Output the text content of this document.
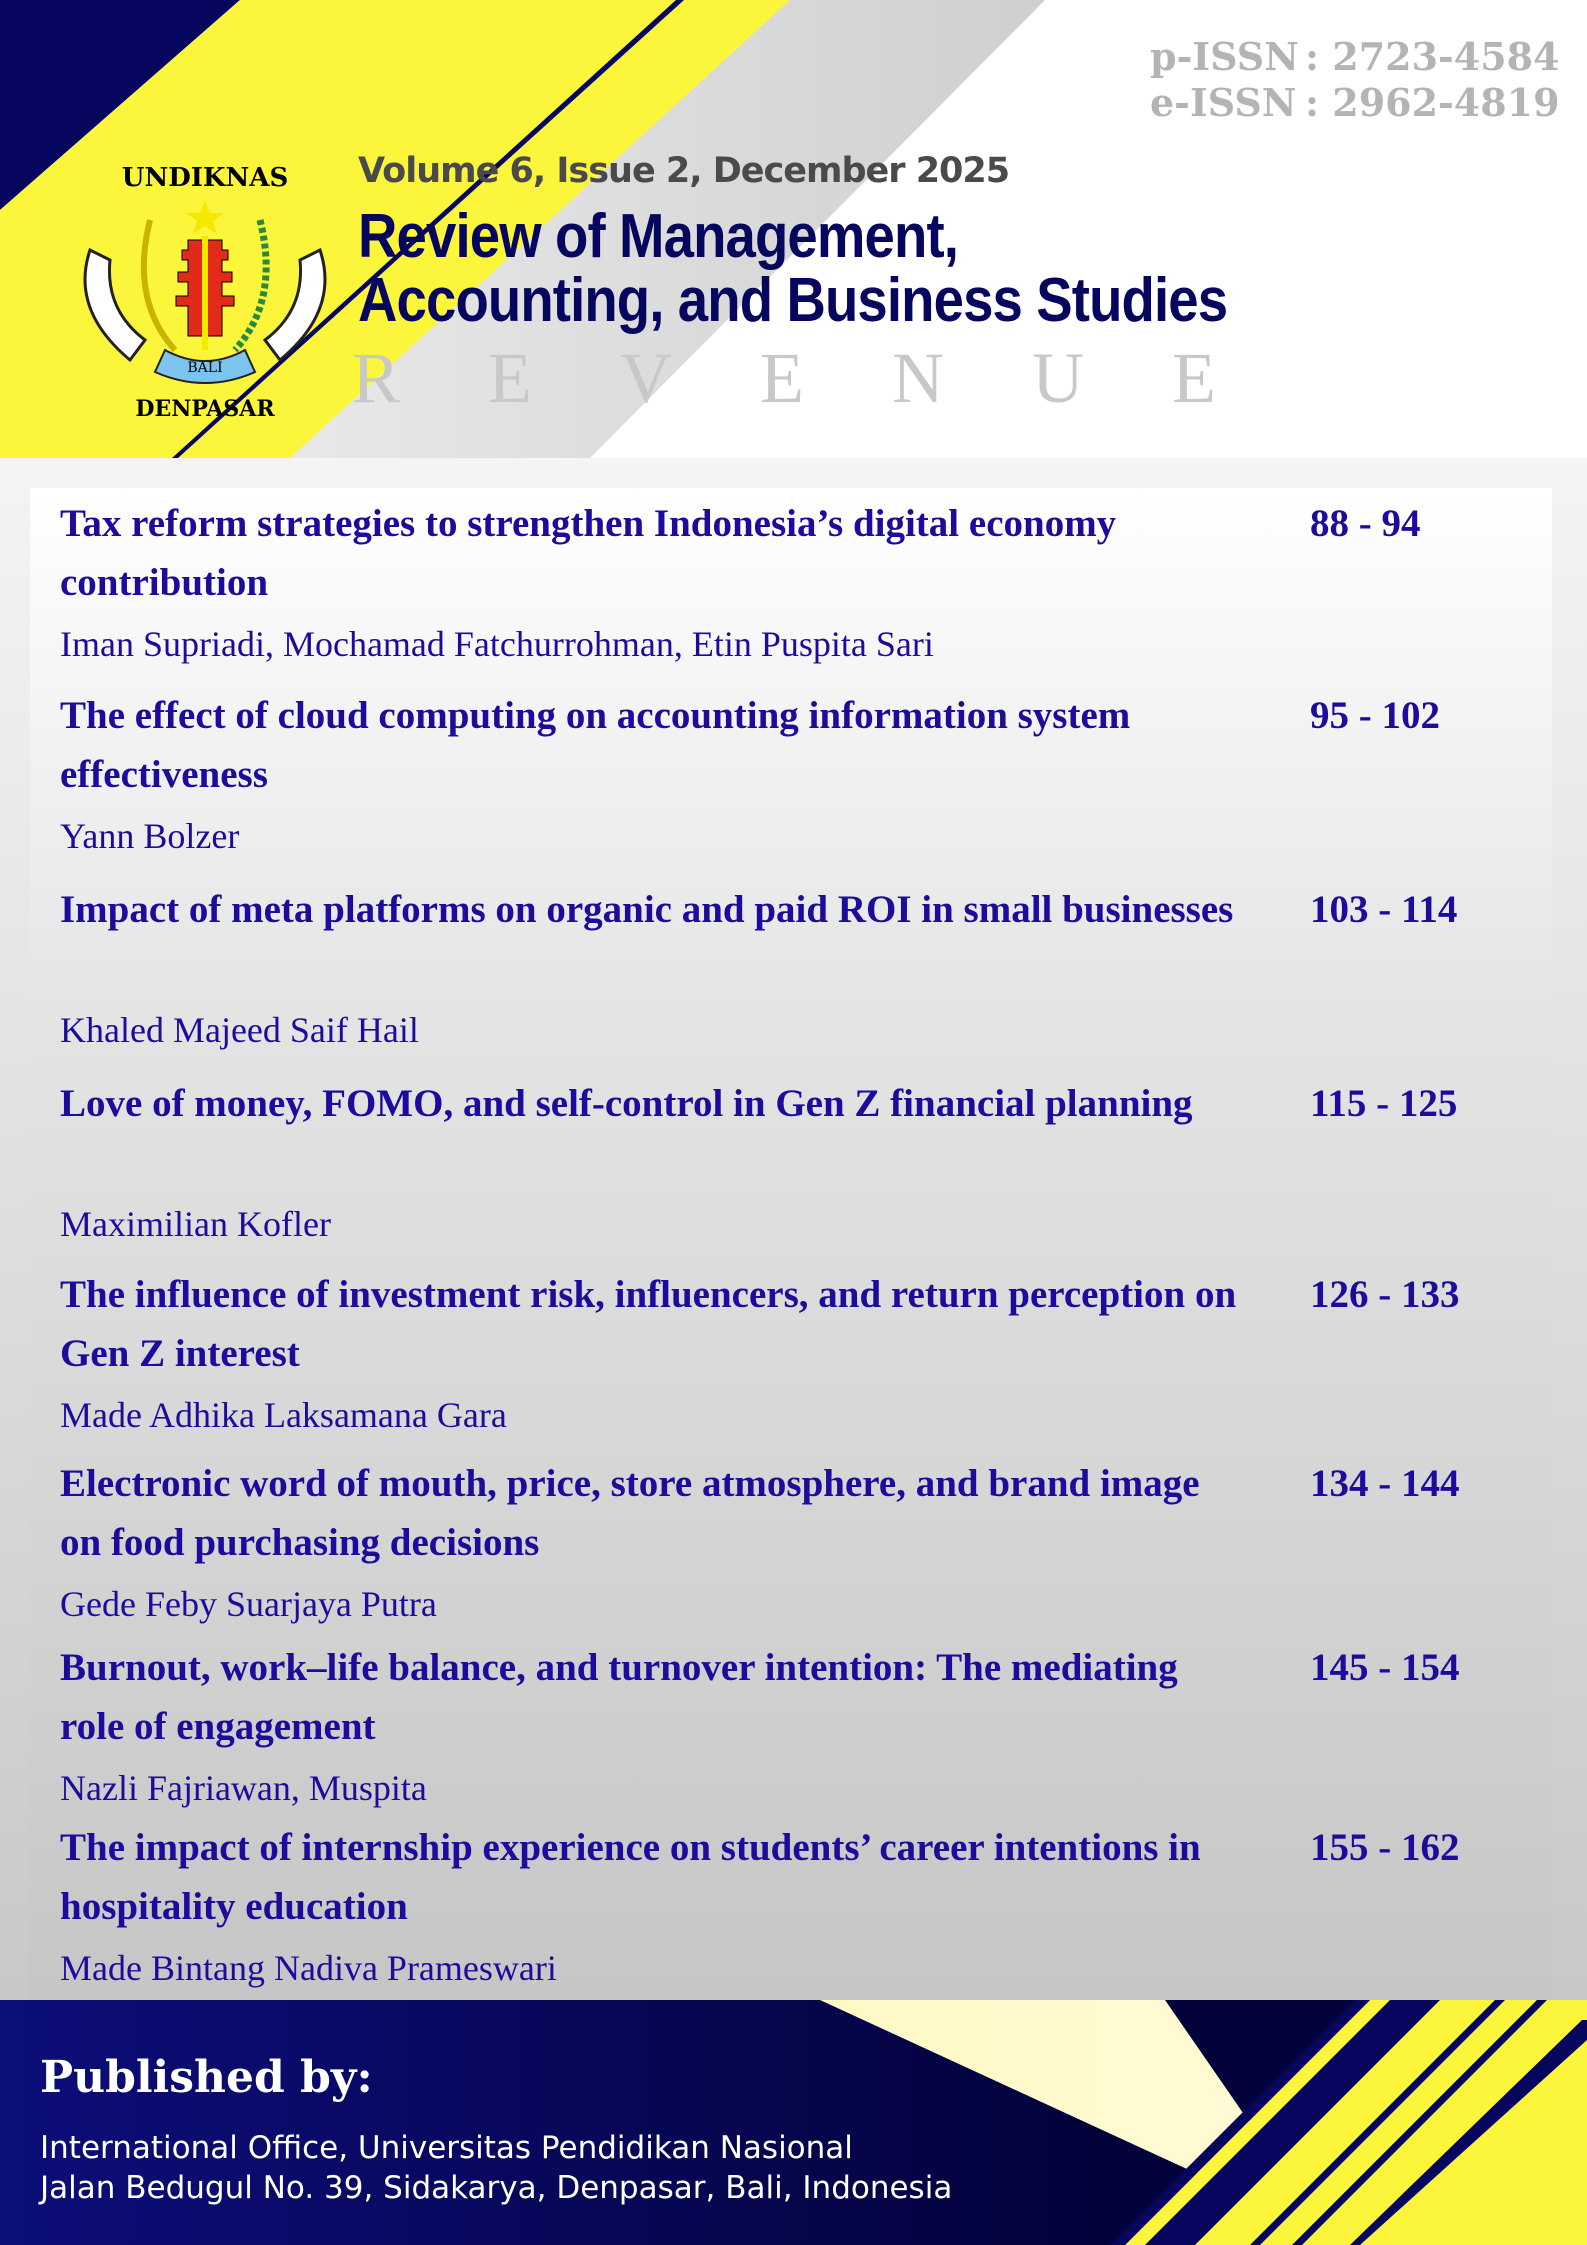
BALI
UNDIKNAS
DENPASAR
p-ISSN : 2723-4584
e-ISSN : 2962-4819
Volume 6, Issue 2, December 2025
Review of Management,
Accounting, and Business Studies
REVENUE
Tax reform strategies to strengthen Indonesia’s digital economy contribution
Iman Supriadi, Mochamad Fatchurrohman, Etin Puspita Sari
88 - 94
The effect of cloud computing on accounting information system effectiveness
Yann Bolzer
95 - 102
Impact of meta platforms on organic and paid ROI in small businesses
Khaled Majeed Saif Hail
103 - 114
Love of money, FOMO, and self-control in Gen Z financial planning
Maximilian Kofler
115 - 125
The influence of investment risk, influencers, and return perception on Gen Z interest
Made Adhika Laksamana Gara
126 - 133
Electronic word of mouth, price, store atmosphere, and brand image on food purchasing decisions
Gede Feby Suarjaya Putra
134 - 144
Burnout, work–life balance, and turnover intention: The mediating role of engagement
Nazli Fajriawan, Muspita
145 - 154
The impact of internship experience on students’ career intentions in hospitality education
Made Bintang Nadiva Prameswari
155 - 162
Published by:
International Office, Universitas Pendidikan Nasional
Jalan Bedugul No. 39, Sidakarya, Denpasar, Bali, Indonesia
